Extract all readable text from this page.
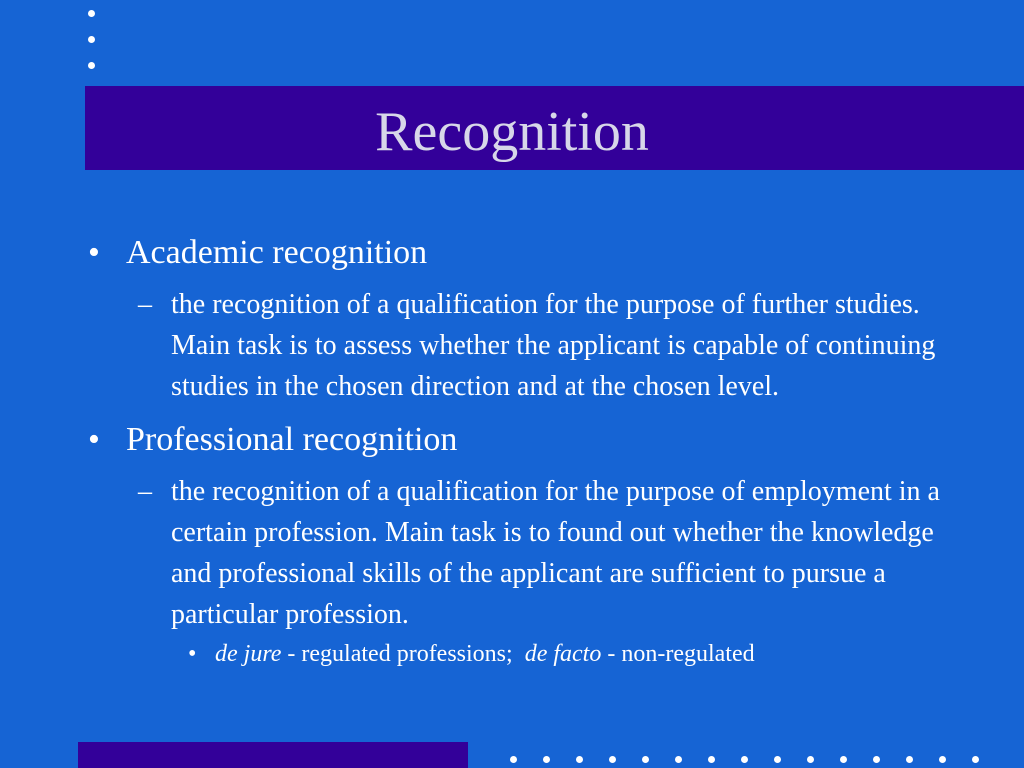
Recognition
• Academic recognition
– the recognition of a qualification for the purpose of further studies. Main task is to assess whether the applicant is capable of continuing studies in the chosen direction and at the chosen level.
• Professional recognition
– the recognition of a qualification for the purpose of employment in a certain profession. Main task is to found out whether the knowledge and professional skills of the applicant are sufficient to pursue a particular profession.
• de jure - regulated professions; de facto - non-regulated
